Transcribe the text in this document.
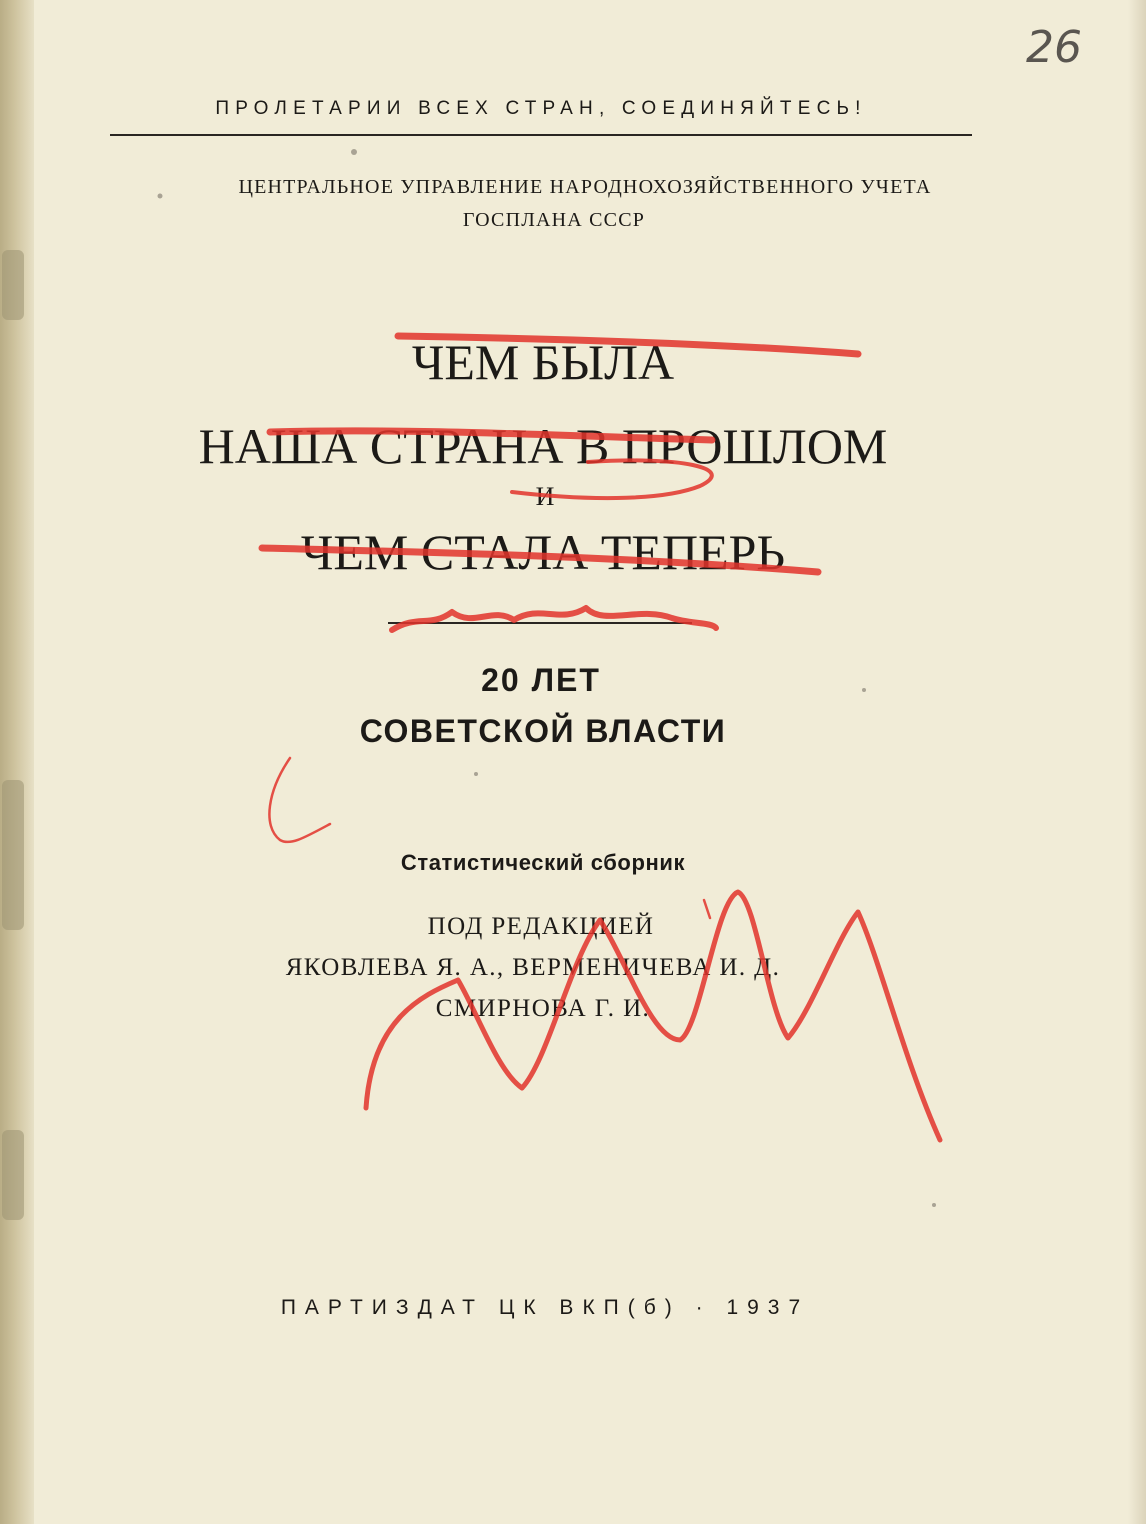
26

ПРОЛЕТАРИИ ВСЕХ СТРАН, СОЕДИНЯЙТЕСЬ!

ЦЕНТРАЛЬНОЕ УПРАВЛЕНИЕ НАРОДНОХОЗЯЙСТВЕННОГО УЧЕТА

ГОСПЛАНА СССР

ЧЕМ БЫЛА

НАША СТРАНА В ПРОШЛОМ

И

ЧЕМ СТАЛА ТЕПЕРЬ

20 ЛЕТ

СОВЕТСКОЙ ВЛАСТИ

Статистический сборник

ПОД РЕДАКЦИЕЙ

ЯКОВЛЕВА Я. А., ВЕРМЕНИЧЕВА И. Д.

СМИРНОВА Г. И.

ПАРТИЗДАТ ЦК ВКП(б) · 1937
